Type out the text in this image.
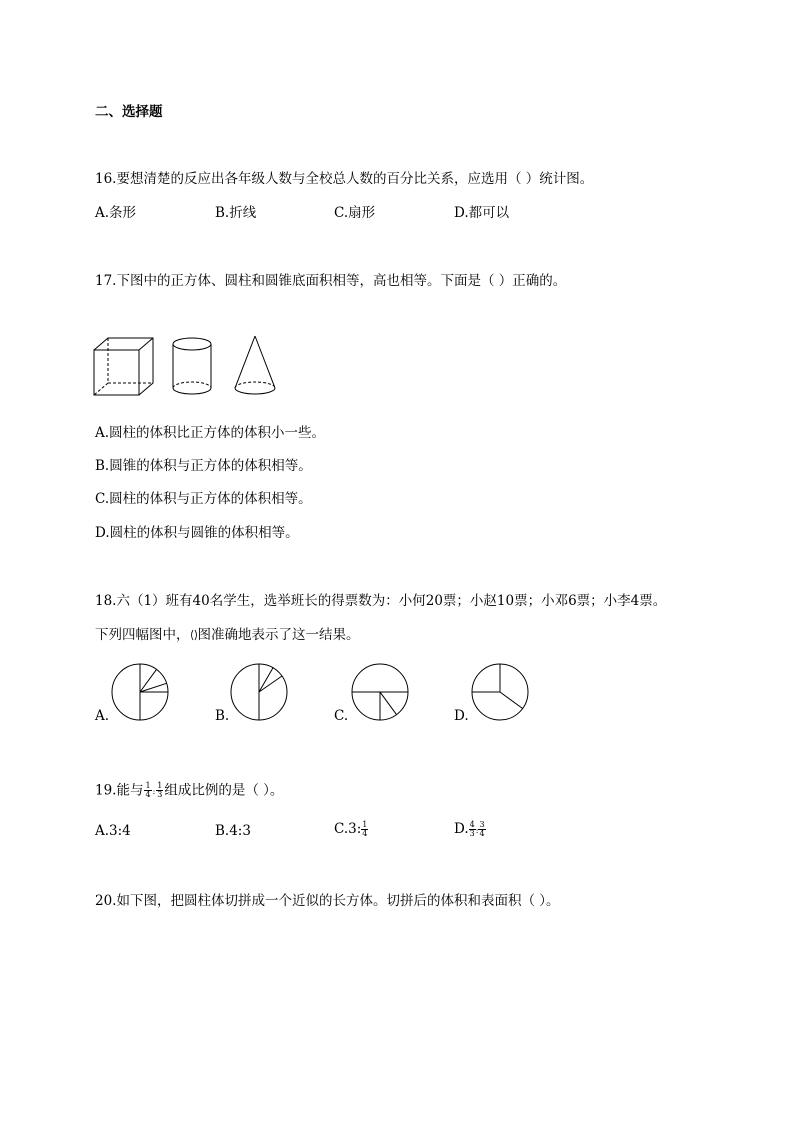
二、选择题
16.要想清楚的反应出各年级人数与全校总人数的百分比关系，应选用（ ）统计图。
A.条形	B.折线	C.扇形	D.都可以
17.下图中的正方体、圆柱和圆锥底面积相等，高也相等。下面是（ ）正确的。
A.圆柱的体积比正方体的体积小一些。
B.圆锥的体积与正方体的体积相等。
C.圆柱的体积与正方体的体积相等。
D.圆柱的体积与圆锥的体积相等。
18.六（1）班有40名学生，选举班长的得票数为：小何20票；小赵10票；小邓6票；小李4票。
下列四幅图中， 图准确地表示了这一结果。
A.	B.	C.	D.
19.能与 $\frac{1}{4}$ : $\frac{1}{3}$ 组成比例的是（ ）。
A.3:4	B.4:3	C.3: $\frac{1}{4}$	D. $\frac{4}{3}$ : $\frac{3}{4}$
20.如下图，把圆柱体切拼成一个近似的长方体。切拼后的体积和表面积（ ）。
